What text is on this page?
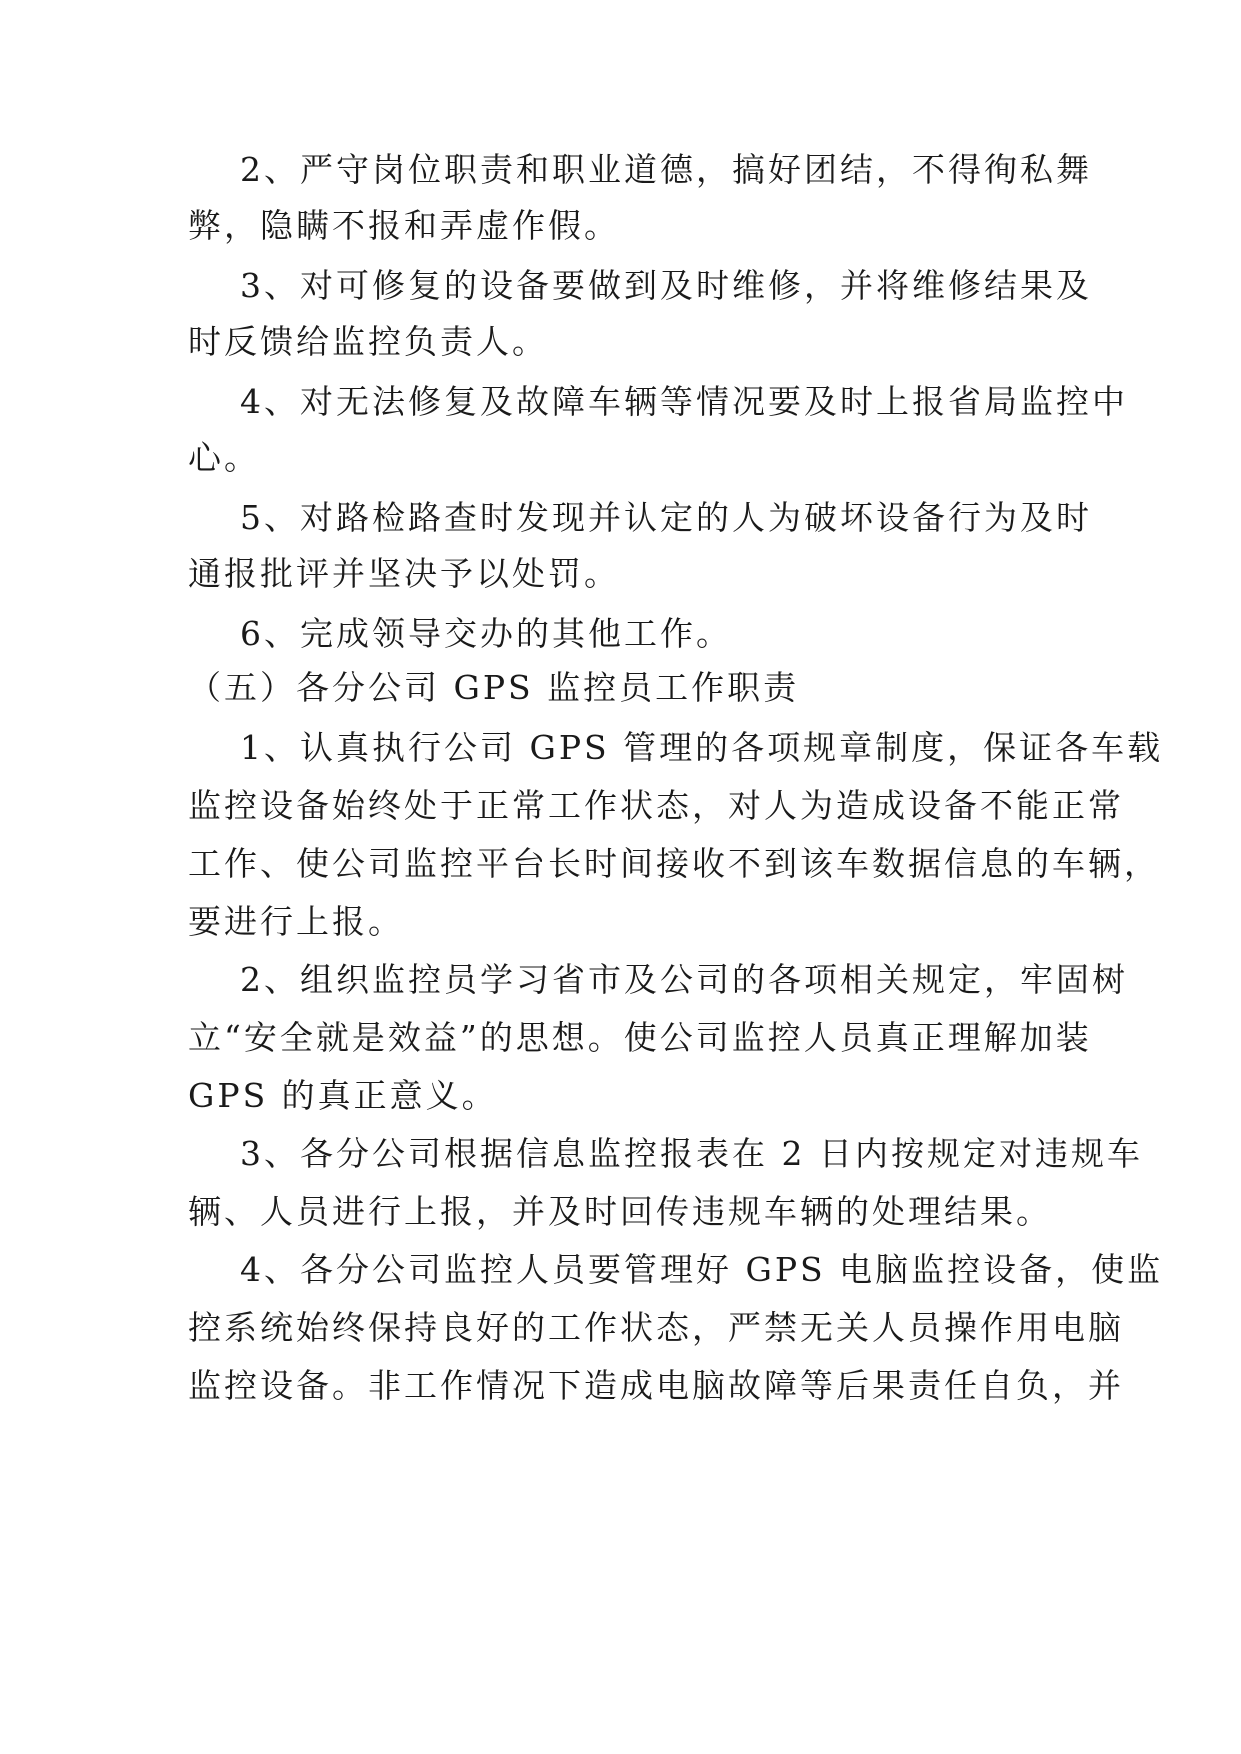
2、严守岗位职责和职业道德，搞好团结，不得徇私舞
弊，隐瞒不报和弄虚作假。
3、对可修复的设备要做到及时维修，并将维修结果及
时反馈给监控负责人。
4、对无法修复及故障车辆等情况要及时上报省局监控中
心。
5、对路检路查时发现并认定的人为破坏设备行为及时
通报批评并坚决予以处罚。
6、完成领导交办的其他工作。
（五）各分公司 GPS 监控员工作职责
1、认真执行公司 GPS 管理的各项规章制度，保证各车载
监控设备始终处于正常工作状态，对人为造成设备不能正常
工作、使公司监控平台长时间接收不到该车数据信息的车辆，
要进行上报。
2、组织监控员学习省市及公司的各项相关规定，牢固树
立“安全就是效益”的思想。使公司监控人员真正理解加装
GPS 的真正意义。
3、各分公司根据信息监控报表在 2 日内按规定对违规车
辆、人员进行上报，并及时回传违规车辆的处理结果。
4、各分公司监控人员要管理好 GPS 电脑监控设备，使监
控系统始终保持良好的工作状态，严禁无关人员操作用电脑
监控设备。非工作情况下造成电脑故障等后果责任自负，并
